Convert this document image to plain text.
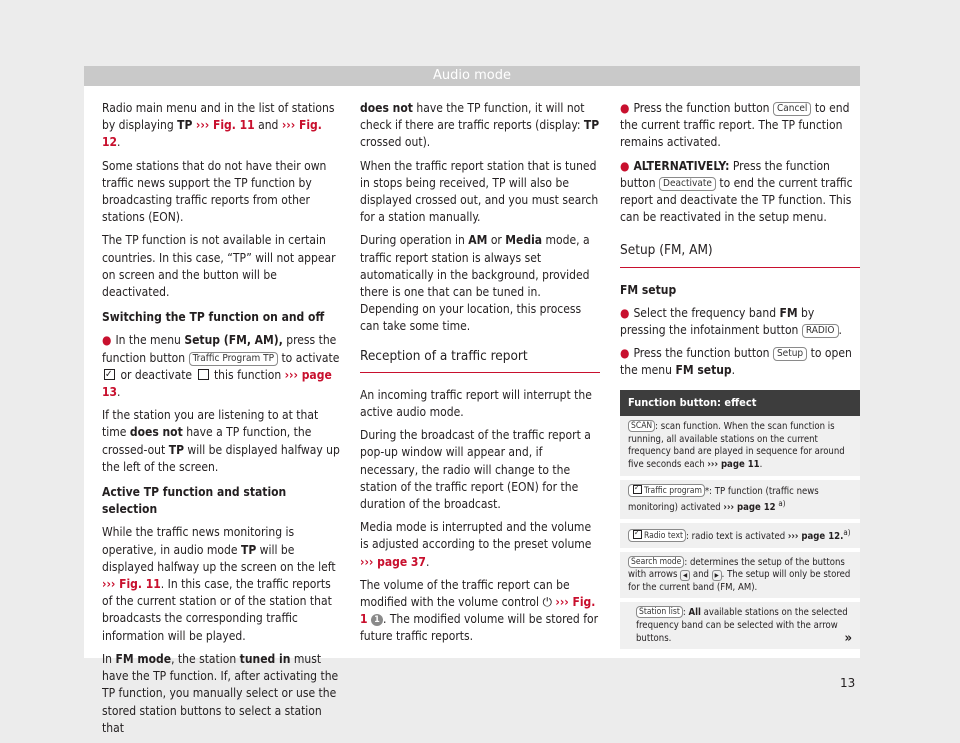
Audio mode

Radio main menu and in the list of stations by displaying TP ››› Fig. 11 and ››› Fig. 12.

Some stations that do not have their own traffic news support the TP function by broadcasting traffic reports from other stations (EON).

The TP function is not available in certain countries. In this case, “TP” will not appear on screen and the button will be deactivated.

Switching the TP function on and off

● In the menu Setup (FM, AM), press the function button Traffic Program TP to activate ✓ or deactivate this function ››› page 13.

If the station you are listening to at that time does not have a TP function, the crossed-out TP will be displayed halfway up the left of the screen.

Active TP function and station selection

While the traffic news monitoring is operative, in audio mode TP will be displayed halfway up the screen on the left ››› Fig. 11. In this case, the traffic reports of the current station or of the station that broadcasts the corresponding traffic information will be played.

In FM mode, the station tuned in must have the TP function. If, after activating the TP function, you manually select or use the stored station buttons to select a station that

does not have the TP function, it will not check if there are traffic reports (display: TP crossed out).

When the traffic report station that is tuned in stops being received, TP will also be displayed crossed out, and you must search for a station manually.

During operation in AM or Media mode, a traffic report station is always set automatically in the background, provided there is one that can be tuned in. Depending on your location, this process can take some time.

Reception of a traffic report

An incoming traffic report will interrupt the active audio mode.

During the broadcast of the traffic report a pop-up window will appear and, if necessary, the radio will change to the station of the traffic report (EON) for the duration of the broadcast.

Media mode is interrupted and the volume is adjusted according to the preset volume ››› page 37.

The volume of the traffic report can be modified with the volume control ⏻ ››› Fig. 1 1 . The modified volume will be stored for future traffic reports.

● Press the function button Cancel to end the current traffic report. The TP function remains activated.

● ALTERNATIVELY: Press the function button Deactivate to end the current traffic report and deactivate the TP function. This can be reactivated in the setup menu.

Setup (FM, AM)

FM setup

● Select the frequency band FM by pressing the infotainment button RADIO .

● Press the function button Setup to open the menu FM setup.

Function button: effect
SCAN : scan function. When the scan function is running, all available stations on the current frequency band are played in sequence for around five seconds each ››› page 11.
✓Traffic program *: TP function (traffic news monitoring) activated ››› page 12 $^{a)}$
✓Radio text : radio text is activated ››› page 12.$^{a)}$
Search mode : determines the setup of the buttons with arrows ◀ and ▶ . The setup will only be stored for the current band (FM, AM).
Station list : All available stations on the selected frequency band can be selected with the arrow buttons.	»
13
